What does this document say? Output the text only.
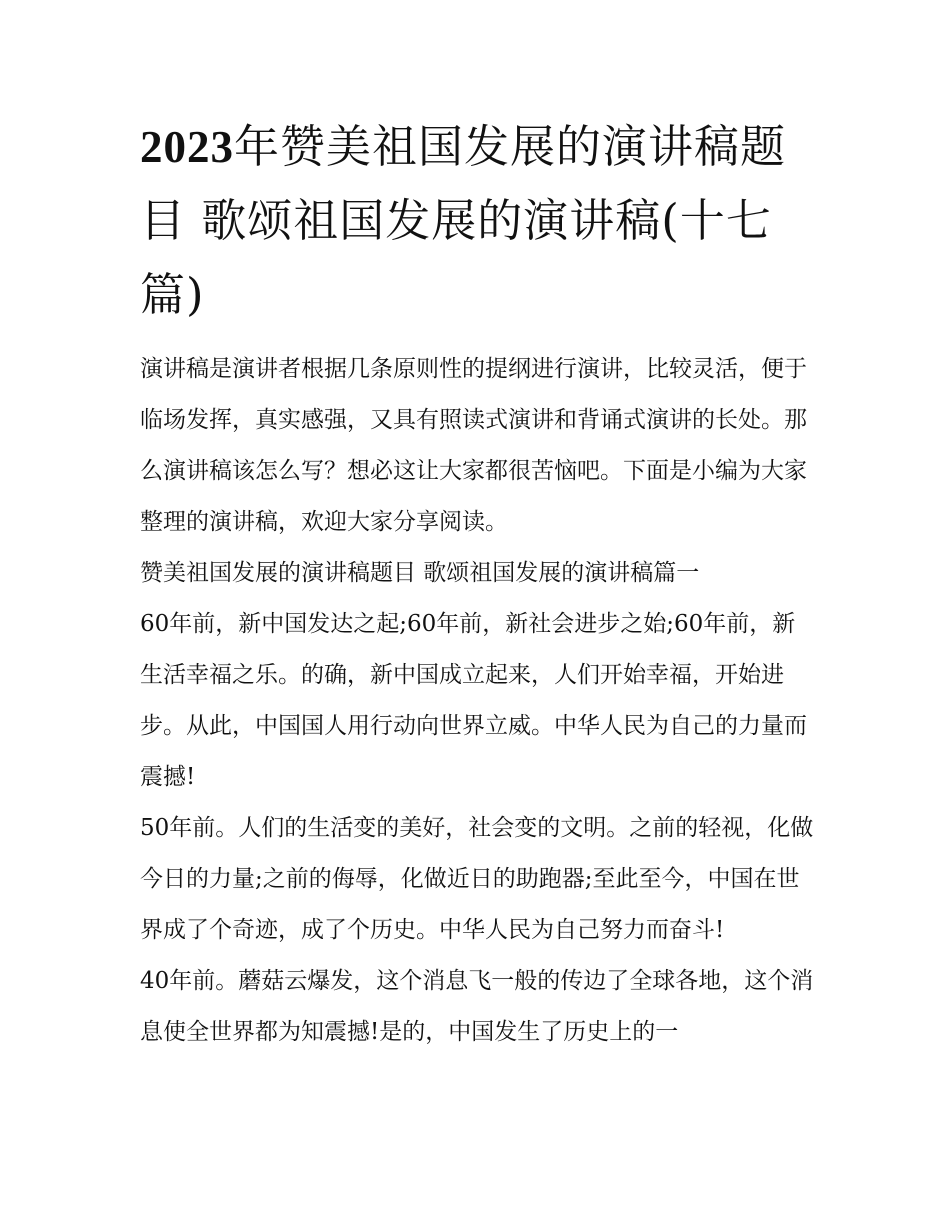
2023年赞美祖国发展的演讲稿题目 歌颂祖国发展的演讲稿(十七篇)

演讲稿是演讲者根据几条原则性的提纲进行演讲，比较灵活，便于临场发挥，真实感强，又具有照读式演讲和背诵式演讲的长处。那么演讲稿该怎么写？想必这让大家都很苦恼吧。下面是小编为大家整理的演讲稿，欢迎大家分享阅读。

赞美祖国发展的演讲稿题目 歌颂祖国发展的演讲稿篇一

60年前，新中国发达之起;60年前，新社会进步之始;60年前，新生活幸福之乐。的确，新中国成立起来，人们开始幸福，开始进步。从此，中国国人用行动向世界立威。中华人民为自己的力量而震撼!

50年前。人们的生活变的美好，社会变的文明。之前的轻视，化做今日的力量;之前的侮辱，化做近日的助跑器;至此至今，中国在世界成了个奇迹，成了个历史。中华人民为自己努力而奋斗!

40年前。蘑菇云爆发，这个消息飞一般的传边了全球各地，这个消息使全世界都为知震撼!是的，中国发生了历史上的一
